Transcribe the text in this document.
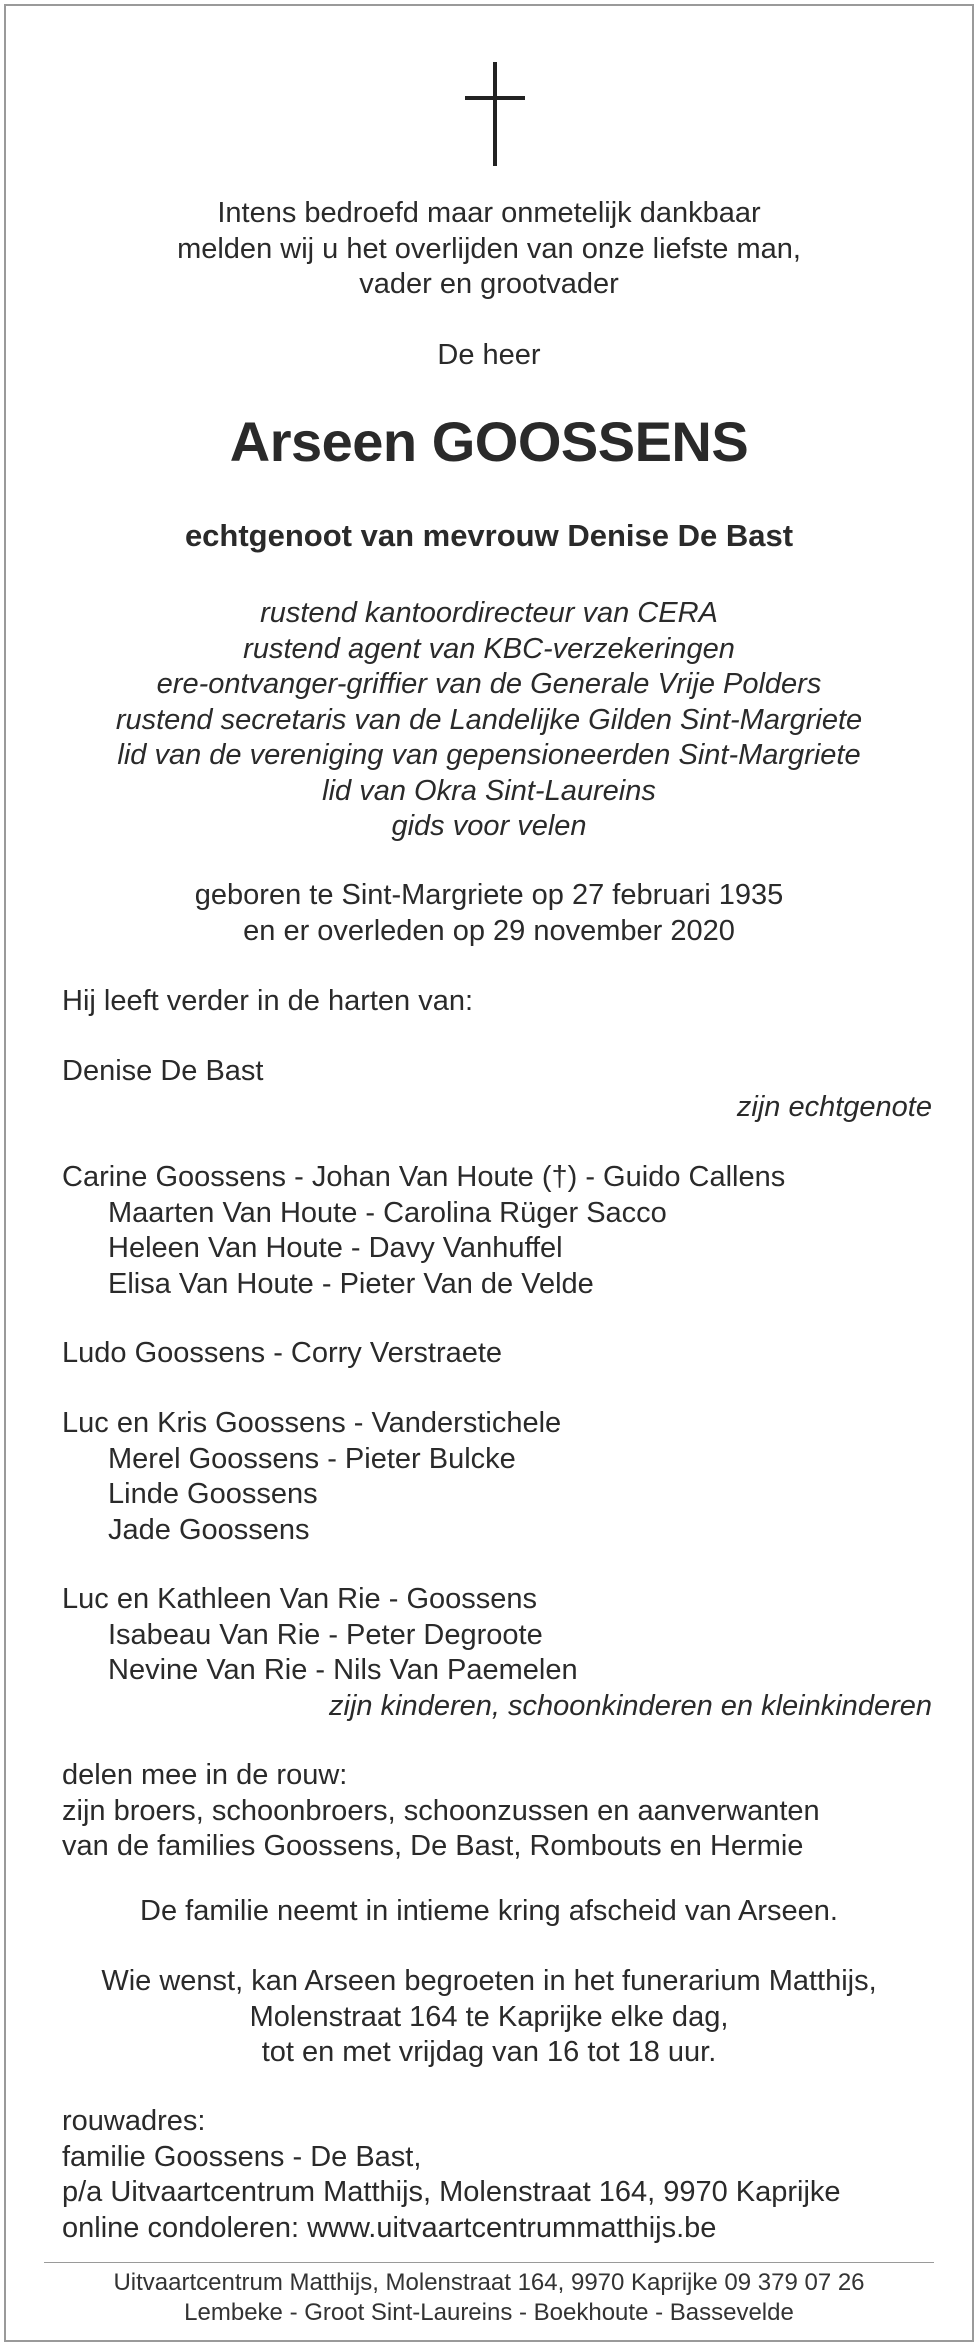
Intens bedroefd maar onmetelijk dankbaar
melden wij u het overlijden van onze liefste man,
vader en grootvader
De heer
Arseen GOOSSENS
echtgenoot van mevrouw Denise De Bast
rustend kantoordirecteur van CERA
rustend agent van KBC-verzekeringen
ere-ontvanger-griffier van de Generale Vrije Polders
rustend secretaris van de Landelijke Gilden Sint-Margriete
lid van de vereniging van gepensioneerden Sint-Margriete
lid van Okra Sint-Laureins
gids voor velen
geboren te Sint-Margriete op 27 februari 1935
en er overleden op 29 november 2020
Hij leeft verder in de harten van:
Denise De Bast
zijn echtgenote
Carine Goossens - Johan Van Houte (†) - Guido Callens
Maarten Van Houte - Carolina Rüger Sacco
Heleen Van Houte - Davy Vanhuffel
Elisa Van Houte - Pieter Van de Velde
Ludo Goossens - Corry Verstraete
Luc en Kris Goossens - Vanderstichele
Merel Goossens - Pieter Bulcke
Linde Goossens
Jade Goossens
Luc en Kathleen Van Rie - Goossens
Isabeau Van Rie - Peter Degroote
Nevine Van Rie - Nils Van Paemelen
zijn kinderen, schoonkinderen en kleinkinderen
delen mee in de rouw:
zijn broers, schoonbroers, schoonzussen en aanverwanten
van de families Goossens, De Bast, Rombouts en Hermie
De familie neemt in intieme kring afscheid van Arseen.
Wie wenst, kan Arseen begroeten in het funerarium Matthijs,
Molenstraat 164 te Kaprijke elke dag,
tot en met vrijdag van 16 tot 18 uur.
rouwadres:
familie Goossens - De Bast,
p/a Uitvaartcentrum Matthijs, Molenstraat 164, 9970 Kaprijke
online condoleren: www.uitvaartcentrummatthijs.be
Uitvaartcentrum Matthijs, Molenstraat 164, 9970 Kaprijke 09 379 07 26
Lembeke - Groot Sint-Laureins - Boekhoute - Bassevelde
